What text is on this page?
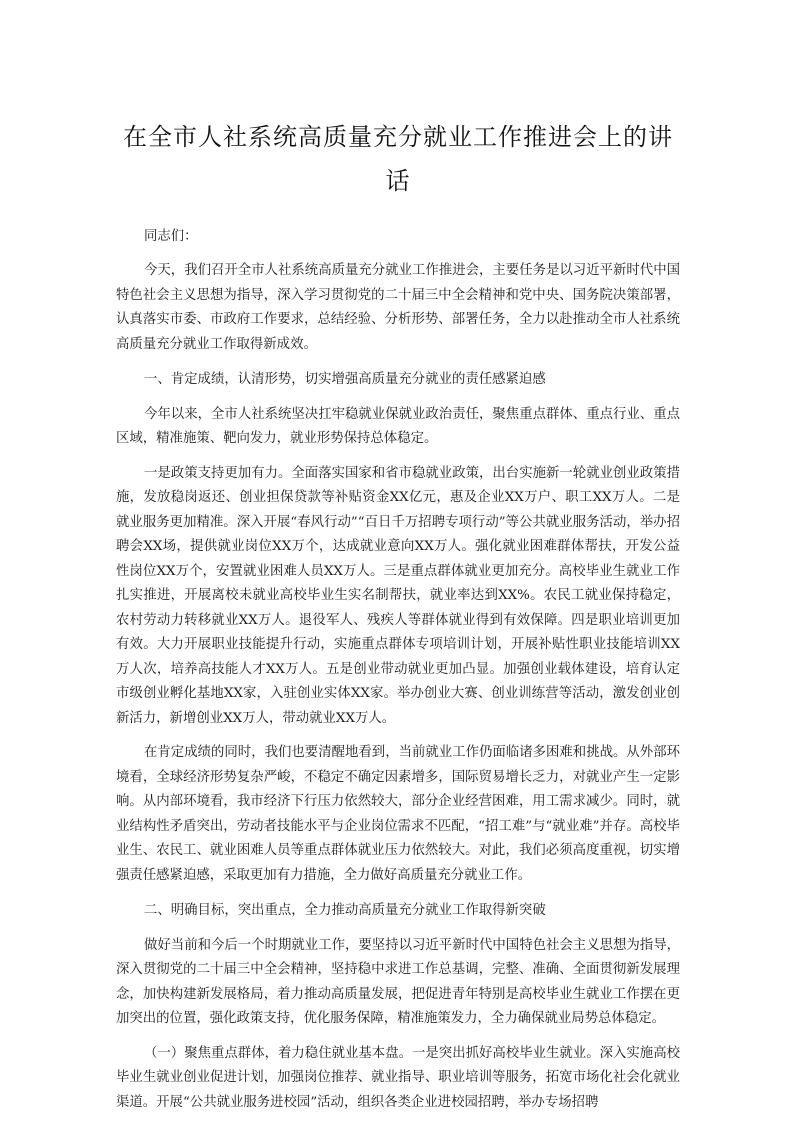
在全市人社系统高质量充分就业工作推进会上的讲话
同志们：

今天，我们召开全市人社系统高质量充分就业工作推进会，主要任务是以习近平新时代中国特色社会主义思想为指导，深入学习贯彻党的二十届三中全会精神和党中央、国务院决策部署，认真落实市委、市政府工作要求，总结经验、分析形势、部署任务，全力以赴推动全市人社系统高质量充分就业工作取得新成效。

一、肯定成绩，认清形势，切实增强高质量充分就业的责任感紧迫感

今年以来，全市人社系统坚决扛牢稳就业保就业政治责任，聚焦重点群体、重点行业、重点区域，精准施策、靶向发力，就业形势保持总体稳定。

一是政策支持更加有力。全面落实国家和省市稳就业政策，出台实施新一轮就业创业政策措施，发放稳岗返还、创业担保贷款等补贴资金XX亿元，惠及企业XX万户、职工XX万人。二是就业服务更加精准。深入开展“春风行动”“百日千万招聘专项行动”等公共就业服务活动，举办招聘会XX场，提供就业岗位XX万个，达成就业意向XX万人。强化就业困难群体帮扶，开发公益性岗位XX万个，安置就业困难人员XX万人。三是重点群体就业更加充分。高校毕业生就业工作扎实推进，开展离校未就业高校毕业生实名制帮扶，就业率达到XX%。农民工就业保持稳定，农村劳动力转移就业XX万人。退役军人、残疾人等群体就业得到有效保障。四是职业培训更加有效。大力开展职业技能提升行动，实施重点群体专项培训计划，开展补贴性职业技能培训XX万人次，培养高技能人才XX万人。五是创业带动就业更加凸显。加强创业载体建设，培育认定市级创业孵化基地XX家，入驻创业实体XX家。举办创业大赛、创业训练营等活动，激发创业创新活力，新增创业XX万人，带动就业XX万人。

在肯定成绩的同时，我们也要清醒地看到，当前就业工作仍面临诸多困难和挑战。从外部环境看，全球经济形势复杂严峻，不稳定不确定因素增多，国际贸易增长乏力，对就业产生一定影响。从内部环境看，我市经济下行压力依然较大，部分企业经营困难，用工需求减少。同时，就业结构性矛盾突出，劳动者技能水平与企业岗位需求不匹配，“招工难”与“就业难”并存。高校毕业生、农民工、就业困难人员等重点群体就业压力依然较大。对此，我们必须高度重视，切实增强责任感紧迫感，采取更加有力措施，全力做好高质量充分就业工作。

二、明确目标，突出重点，全力推动高质量充分就业工作取得新突破

做好当前和今后一个时期就业工作，要坚持以习近平新时代中国特色社会主义思想为指导，深入贯彻党的二十届三中全会精神，坚持稳中求进工作总基调，完整、准确、全面贯彻新发展理念，加快构建新发展格局，着力推动高质量发展，把促进青年特别是高校毕业生就业工作摆在更加突出的位置，强化政策支持，优化服务保障，精准施策发力，全力确保就业局势总体稳定。

（一）聚焦重点群体，着力稳住就业基本盘。一是突出抓好高校毕业生就业。深入实施高校毕业生就业创业促进计划，加强岗位推荐、就业指导、职业培训等服务，拓宽市场化社会化就业渠道。开展“公共就业服务进校园”活动，组织各类企业进校园招聘，举办专场招聘
